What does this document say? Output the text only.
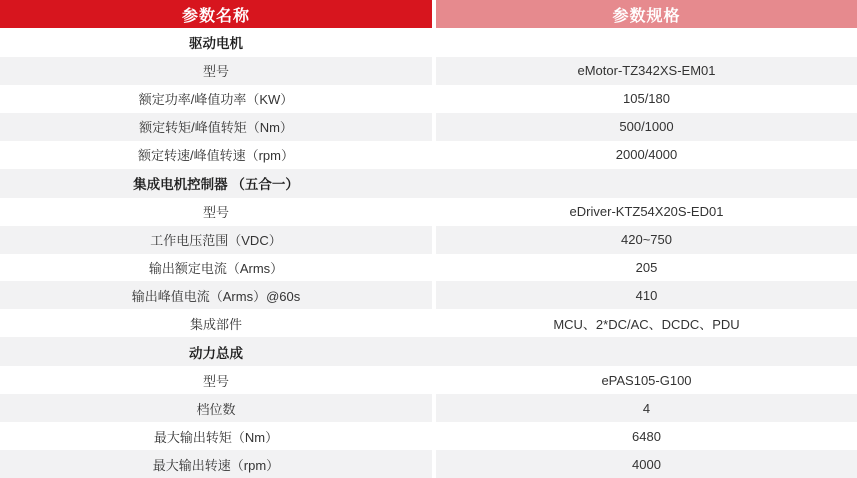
参数名称	参数规格
驱动电机
型号	eMotor-TZ342XS-EM01
额定功率/峰值功率（KW）	105/180
额定转矩/峰值转矩（Nm）	500/1000
额定转速/峰值转速（rpm）	2000/4000
集成电机控制器 （五合一）
型号	eDriver-KTZ54X20S-ED01
工作电压范围（VDC）	420~750
输出额定电流（Arms）	205
输出峰值电流（Arms）@60s	410
集成部件	MCU、2*DC/AC、DCDC、PDU
动力总成
型号	ePAS105-G100
档位数	4
最大输出转矩（Nm）	6480
最大输出转速（rpm）	4000
